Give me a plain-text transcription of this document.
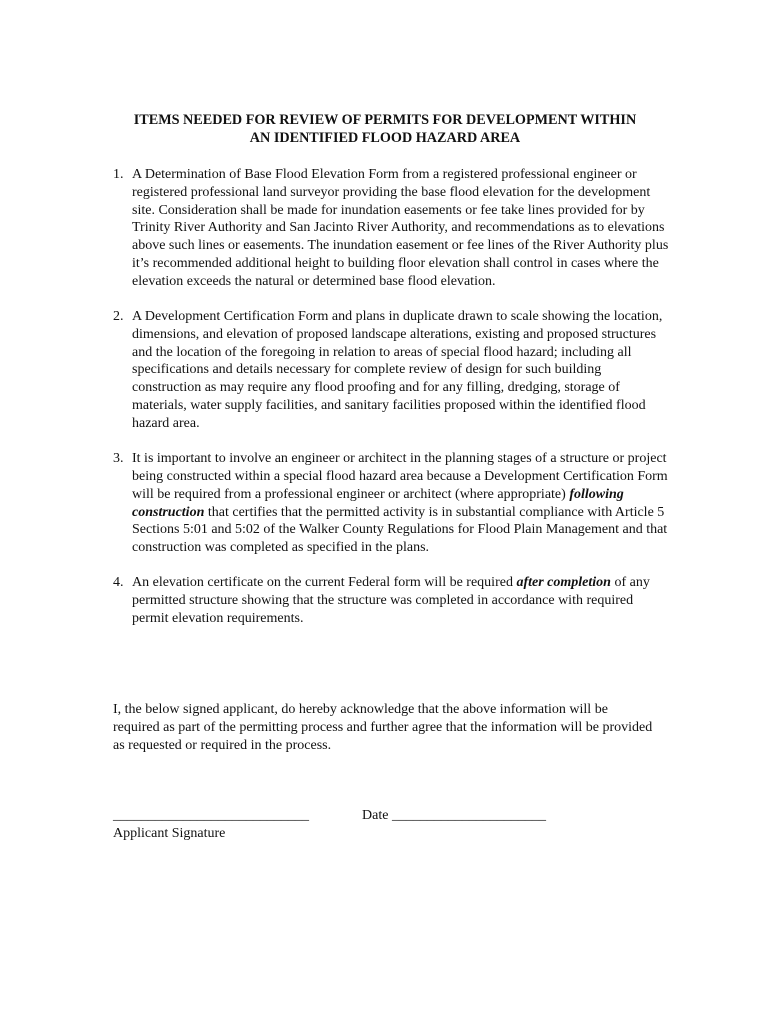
ITEMS NEEDED FOR REVIEW OF PERMITS FOR DEVELOPMENT WITHIN
AN IDENTIFIED FLOOD HAZARD AREA
1. A Determination of Base Flood Elevation Form from a registered professional engineer or registered professional land surveyor providing the base flood elevation for the development site. Consideration shall be made for inundation easements or fee take lines provided for by Trinity River Authority and San Jacinto River Authority, and recommendations as to elevations above such lines or easements. The inundation easement or fee lines of the River Authority plus it’s recommended additional height to building floor elevation shall control in cases where the elevation exceeds the natural or determined base flood elevation.
2. A Development Certification Form and plans in duplicate drawn to scale showing the location, dimensions, and elevation of proposed landscape alterations, existing and proposed structures and the location of the foregoing in relation to areas of special flood hazard; including all specifications and details necessary for complete review of design for such building construction as may require any flood proofing and for any filling, dredging, storage of materials, water supply facilities, and sanitary facilities proposed within the identified flood hazard area.
3. It is important to involve an engineer or architect in the planning stages of a structure or project being constructed within a special flood hazard area because a Development Certification Form will be required from a professional engineer or architect (where appropriate) following construction that certifies that the permitted activity is in substantial compliance with Article 5 Sections 5:01 and 5:02 of the Walker County Regulations for Flood Plain Management and that construction was completed as specified in the plans.
4. An elevation certificate on the current Federal form will be required after completion of any permitted structure showing that the structure was completed in accordance with required permit elevation requirements.

I, the below signed applicant, do hereby acknowledge that the above information will be required as part of the permitting process and further agree that the information will be provided as requested or required in the process.

____________________________
Applicant Signature
Date ______________________
